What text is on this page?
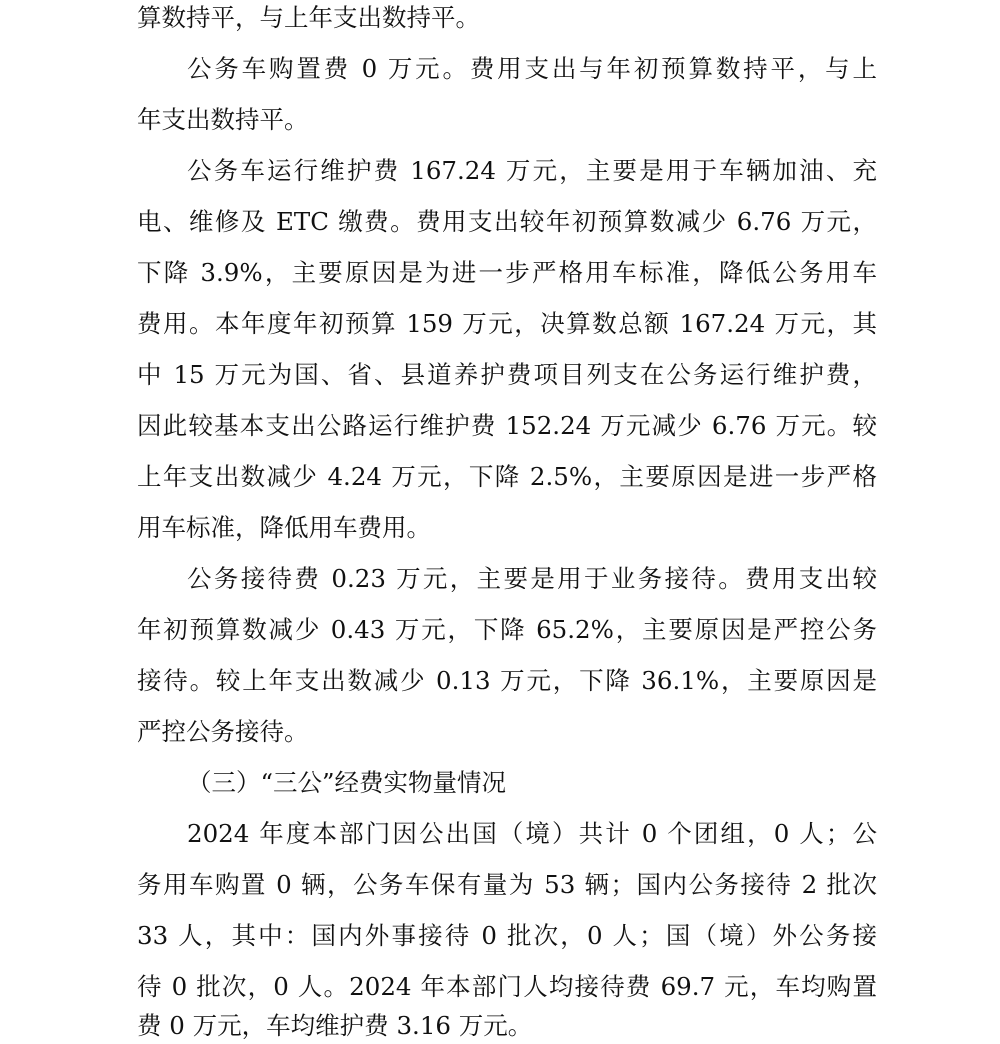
算数持平，与上年支出数持平。
公务车购置费 0 万元。费用支出与年初预算数持平，与上
年支出数持平。
公务车运行维护费 167.24 万元，主要是用于车辆加油、充
电、维修及 ETC 缴费。费用支出较年初预算数减少 6.76 万元，
下降 3.9%，主要原因是为进一步严格用车标准，降低公务用车
费用。本年度年初预算 159 万元，决算数总额 167.24 万元，其
中 15 万元为国、省、县道养护费项目列支在公务运行维护费，
因此较基本支出公路运行维护费 152.24 万元减少 6.76 万元。较
上年支出数减少 4.24 万元，下降 2.5%，主要原因是进一步严格
用车标准，降低用车费用。
公务接待费 0.23 万元，主要是用于业务接待。费用支出较
年初预算数减少 0.43 万元，下降 65.2%，主要原因是严控公务
接待。较上年支出数减少 0.13 万元，下降 36.1%，主要原因是
严控公务接待。
（三）“三公”经费实物量情况
2024 年度本部门因公出国（境）共计 0 个团组，0 人；公
务用车购置 0 辆，公务车保有量为 53 辆；国内公务接待 2 批次
33 人，其中：国内外事接待 0 批次，0 人；国（境）外公务接
待 0 批次，0 人。2024 年本部门人均接待费 69.7 元，车均购置
费 0 万元，车均维护费 3.16 万元。
